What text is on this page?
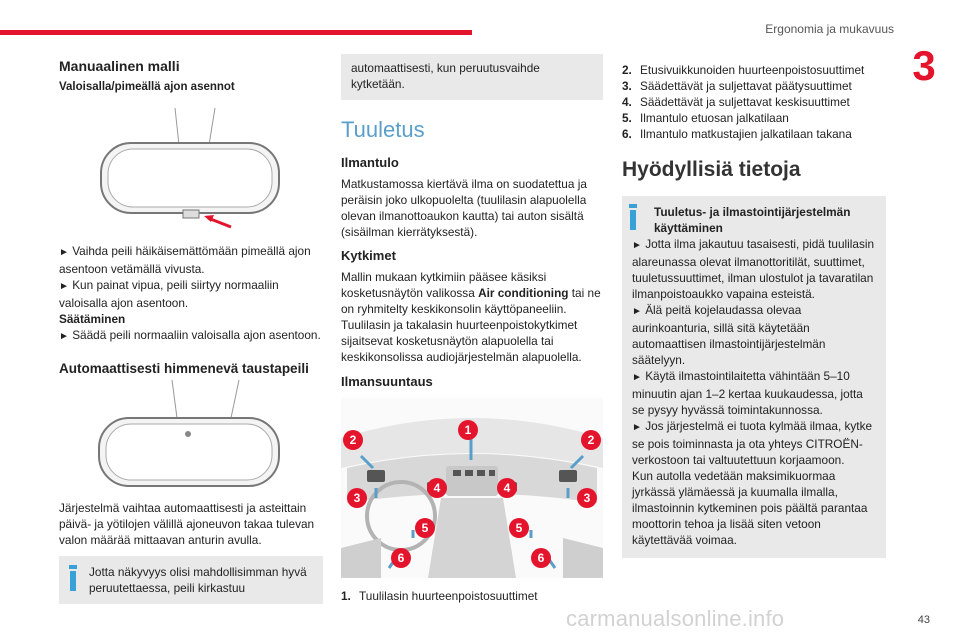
Ergonomia ja mukavuus
3
Manuaalinen malli
Valoisalla/pimeällä ajon asennot

► Vaihda peili häikäisemättömään pimeällä ajon asentoon vetämällä vivusta.

► Kun painat vipua, peili siirtyy normaaliin valoisalla ajon asentoon.

Säätäminen

► Säädä peili normaaliin valoisalla ajon asentoon.

Automaattisesti himmenevä taustapeili

Järjestelmä vaihtaa automaattisesti ja asteittain päivä- ja yötilojen välillä ajoneuvon takaa tulevan valon määrää mittaavan anturin avulla.

Jotta näkyvyys olisi mahdollisimman hyvä peruutettaessa, peili kirkastuu

automaattisesti, kun peruutusvaihde kytketään.

Tuuletus
Ilmantulo

Matkustamossa kiertävä ilma on suodatettua ja peräisin joko ulkopuolelta (tuulilasin alapuolella olevan ilmanottoaukon kautta) tai auton sisältä (sisäilman kierrätyksestä).

Kytkimet

Mallin mukaan kytkimiin pääsee käsiksi kosketusnäytön valikossa Air conditioning tai ne on ryhmitelty keskikonsolin käyttöpaneeliin.

Tuulilasin ja takalasin huurteenpoistokytkimet sijaitsevat kosketusnäytön alapuolella tai keskikonsolissa audiojärjestelmän alapuolella.

Ilmansuuntaus
1
2	2
3	3
4	4
5	5
6	6
1. Tuulilasin huurteenpoistosuuttimet
2. Etusivuikkunoiden huurteenpoistosuuttimet
3. Säädettävät ja suljettavat päätysuuttimet
4. Säädettävät ja suljettavat keskisuuttimet
5. Ilmantulo etuosan jalkatilaan
6. Ilmantulo matkustajien jalkatilaan takana
Hyödyllisiä tietoja

Tuuletus- ja ilmastointijärjestelmän käyttäminen

► Jotta ilma jakautuu tasaisesti, pidä tuulilasin alareunassa olevat ilmanottoritilät, suuttimet, tuuletussuuttimet, ilman ulostulot ja tavaratilan ilmanpoistoaukko vapaina esteistä.

► Älä peitä kojelaudassa olevaa aurinkoanturia, sillä sitä käytetään automaattisen ilmastointijärjestelmän säätelyyn.

► Käytä ilmastointilaitetta vähintään 5–10 minuutin ajan 1–2 kertaa kuukaudessa, jotta se pysyy hyvässä toimintakunnossa.

► Jos järjestelmä ei tuota kylmää ilmaa, kytke se pois toiminnasta ja ota yhteys CITROËN-verkostoon tai valtuutettuun korjaamoon.

Kun autolla vedetään maksimikuormaa jyrkässä ylämäessä ja kuumalla ilmalla, ilmastoinnin kytkeminen pois päältä parantaa moottorin tehoa ja lisää siten vetoon käytettävää voimaa.

carmanualsonline.info	43
